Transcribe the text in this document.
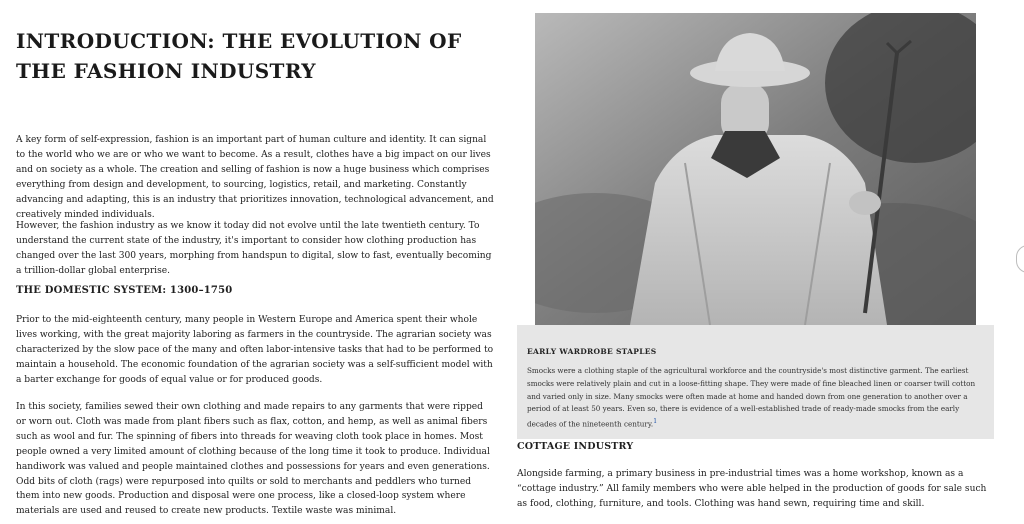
INTRODUCTION: THE EVOLUTION OF
THE FASHION INDUSTRY

A key form of self-expression, fashion is an important part of human culture and identity. It can signal to the world who we are or who we want to become. As a result, clothes have a big impact on our lives and on society as a whole. The creation and selling of fashion is now a huge business which comprises everything from design and development, to sourcing, logistics, retail, and marketing. Constantly advancing and adapting, this is an industry that prioritizes innovation, technological advancement, and creatively minded individuals.

However, the fashion industry as we know it today did not evolve until the late twentieth century. To understand the current state of the industry, it's important to consider how clothing production has changed over the last 300 years, morphing from handspun to digital, slow to fast, eventually becoming a trillion-dollar global enterprise.

THE DOMESTIC SYSTEM: 1300–1750

Prior to the mid-eighteenth century, many people in Western Europe and America spent their whole lives working, with the great majority laboring as farmers in the countryside. The agrarian society was characterized by the slow pace of the many and often labor-intensive tasks that had to be performed to maintain a household. The economic foundation of the agrarian society was a self-sufficient model with a barter exchange for goods of equal value or for produced goods.

In this society, families sewed their own clothing and made repairs to any garments that were ripped or worn out. Cloth was made from plant fibers such as flax, cotton, and hemp, as well as animal fibers such as wool and fur. The spinning of fibers into threads for weaving cloth took place in homes. Most people owned a very limited amount of clothing because of the long time it took to produce. Individual handiwork was valued and people maintained clothes and possessions for years and even generations. Odd bits of cloth (rags) were repurposed into quilts or sold to merchants and peddlers who turned them into new goods. Production and disposal were one process, like a closed-loop system where materials are used and reused to create new products. Textile waste was minimal.

EARLY WARDROBE STAPLES

Smocks were a clothing staple of the agricultural workforce and the countryside's most distinctive garment. The earliest smocks were relatively plain and cut in a loose-fitting shape. They were made of fine bleached linen or coarser twill cotton and varied only in size. Many smocks were often made at home and handed down from one generation to another over a period of at least 50 years. Even so, there is evidence of a well-established trade of ready-made smocks from the early decades of the nineteenth century.$^1$

COTTAGE INDUSTRY

Alongside farming, a primary business in pre-industrial times was a home workshop, known as a “cottage industry.” All family members who were able helped in the production of goods for sale such as food, clothing, furniture, and tools. Clothing was hand sewn, requiring time and skill.
